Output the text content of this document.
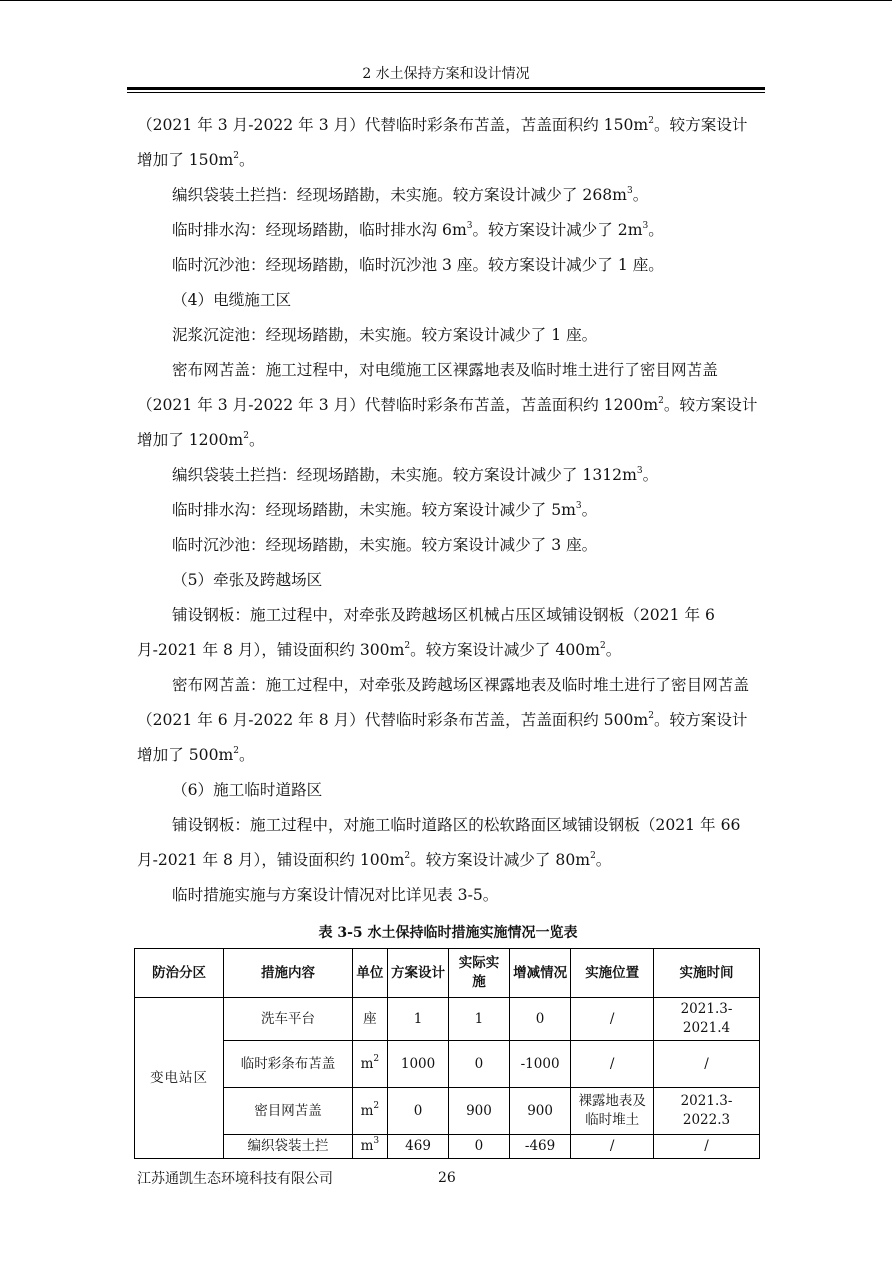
2 水土保持方案和设计情况

（2021 年 3 月-2022 年 3 月）代替临时彩条布苫盖，苫盖面积约 $150m^2$。较方案设计增加了 $150m^2$。

编织袋装土拦挡：经现场踏勘，未实施。较方案设计减少了 $268m^3$。

临时排水沟：经现场踏勘，临时排水沟 $6m^3$。较方案设计减少了 $2m^3$。

临时沉沙池：经现场踏勘，临时沉沙池 3 座。较方案设计减少了 1 座。

（4）电缆施工区

泥浆沉淀池：经现场踏勘，未实施。较方案设计减少了 1 座。

密布网苫盖：施工过程中，对电缆施工区裸露地表及临时堆土进行了密目网苫盖（2021 年 3 月-2022 年 3 月）代替临时彩条布苫盖，苫盖面积约 $1200m^2$。较方案设计增加了 $1200m^2$。

编织袋装土拦挡：经现场踏勘，未实施。较方案设计减少了 $1312m^3$。

临时排水沟：经现场踏勘，未实施。较方案设计减少了 $5m^3$。

临时沉沙池：经现场踏勘，未实施。较方案设计减少了 3 座。

（5）牵张及跨越场区

铺设钢板：施工过程中，对牵张及跨越场区机械占压区域铺设钢板（2021 年 6 月-2021 年 8 月），铺设面积约 $300m^2$。较方案设计减少了 $400m^2$。

密布网苫盖：施工过程中，对牵张及跨越场区裸露地表及临时堆土进行了密目网苫盖（2021 年 6 月-2022 年 8 月）代替临时彩条布苫盖，苫盖面积约 $500m^2$。较方案设计增加了 $500m^2$。

（6）施工临时道路区

铺设钢板：施工过程中，对施工临时道路区的松软路面区域铺设钢板（2021 年 66 月-2021 年 8 月），铺设面积约 $100m^2$。较方案设计减少了 $80m^2$。

临时措施实施与方案设计情况对比详见表 3-5。

表 3-5 水土保持临时措施实施情况一览表
防治分区	措施内容	单位	方案设计	实际实施	增减情况	实施位置	实施时间
变电站区	洗车平台	座	1	1	0	/	2021.3-2021.4
	临时彩条布苫盖	$m^2$	1000	0	-1000	/	/
	密目网苫盖	$m^2$	0	900	900	裸露地表及临时堆土	2021.3-2022.3
	编织袋装土拦	$m^3$	469	0	-469	/	/
江苏通凯生态环境科技有限公司	26
